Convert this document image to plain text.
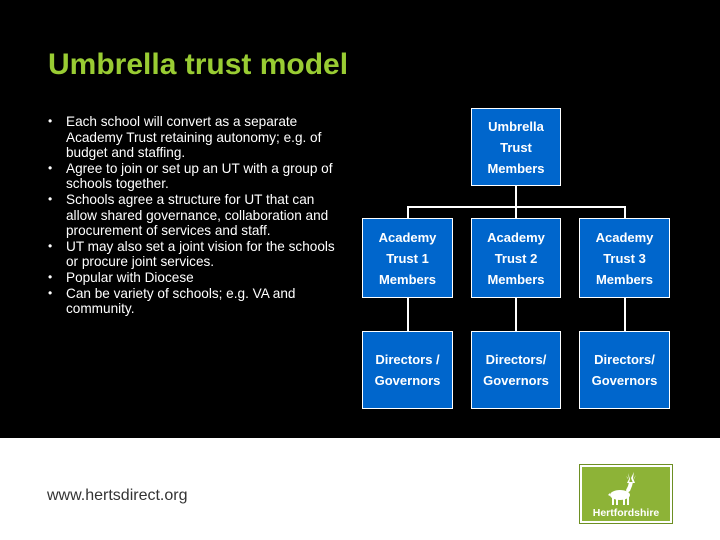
Umbrella trust model
• Each school will convert as a separate Academy Trust retaining autonomy; e.g. of budget and staffing.
• Agree to join or set up an UT with a group of schools together.
• Schools agree a structure for UT that can allow shared governance, collaboration and procurement of services and staff.
• UT may also set a joint vision for the schools or procure joint services.
• Popular with Diocese
• Can be variety of schools; e.g. VA and community.
Umbrella
Trust
Members
Academy
Trust 1
Members
Academy
Trust 2
Members
Academy
Trust 3
Members
Directors /
Governors
Directors/
Governors
Directors/
Governors
www.hertsdirect.org
Hertfordshire
